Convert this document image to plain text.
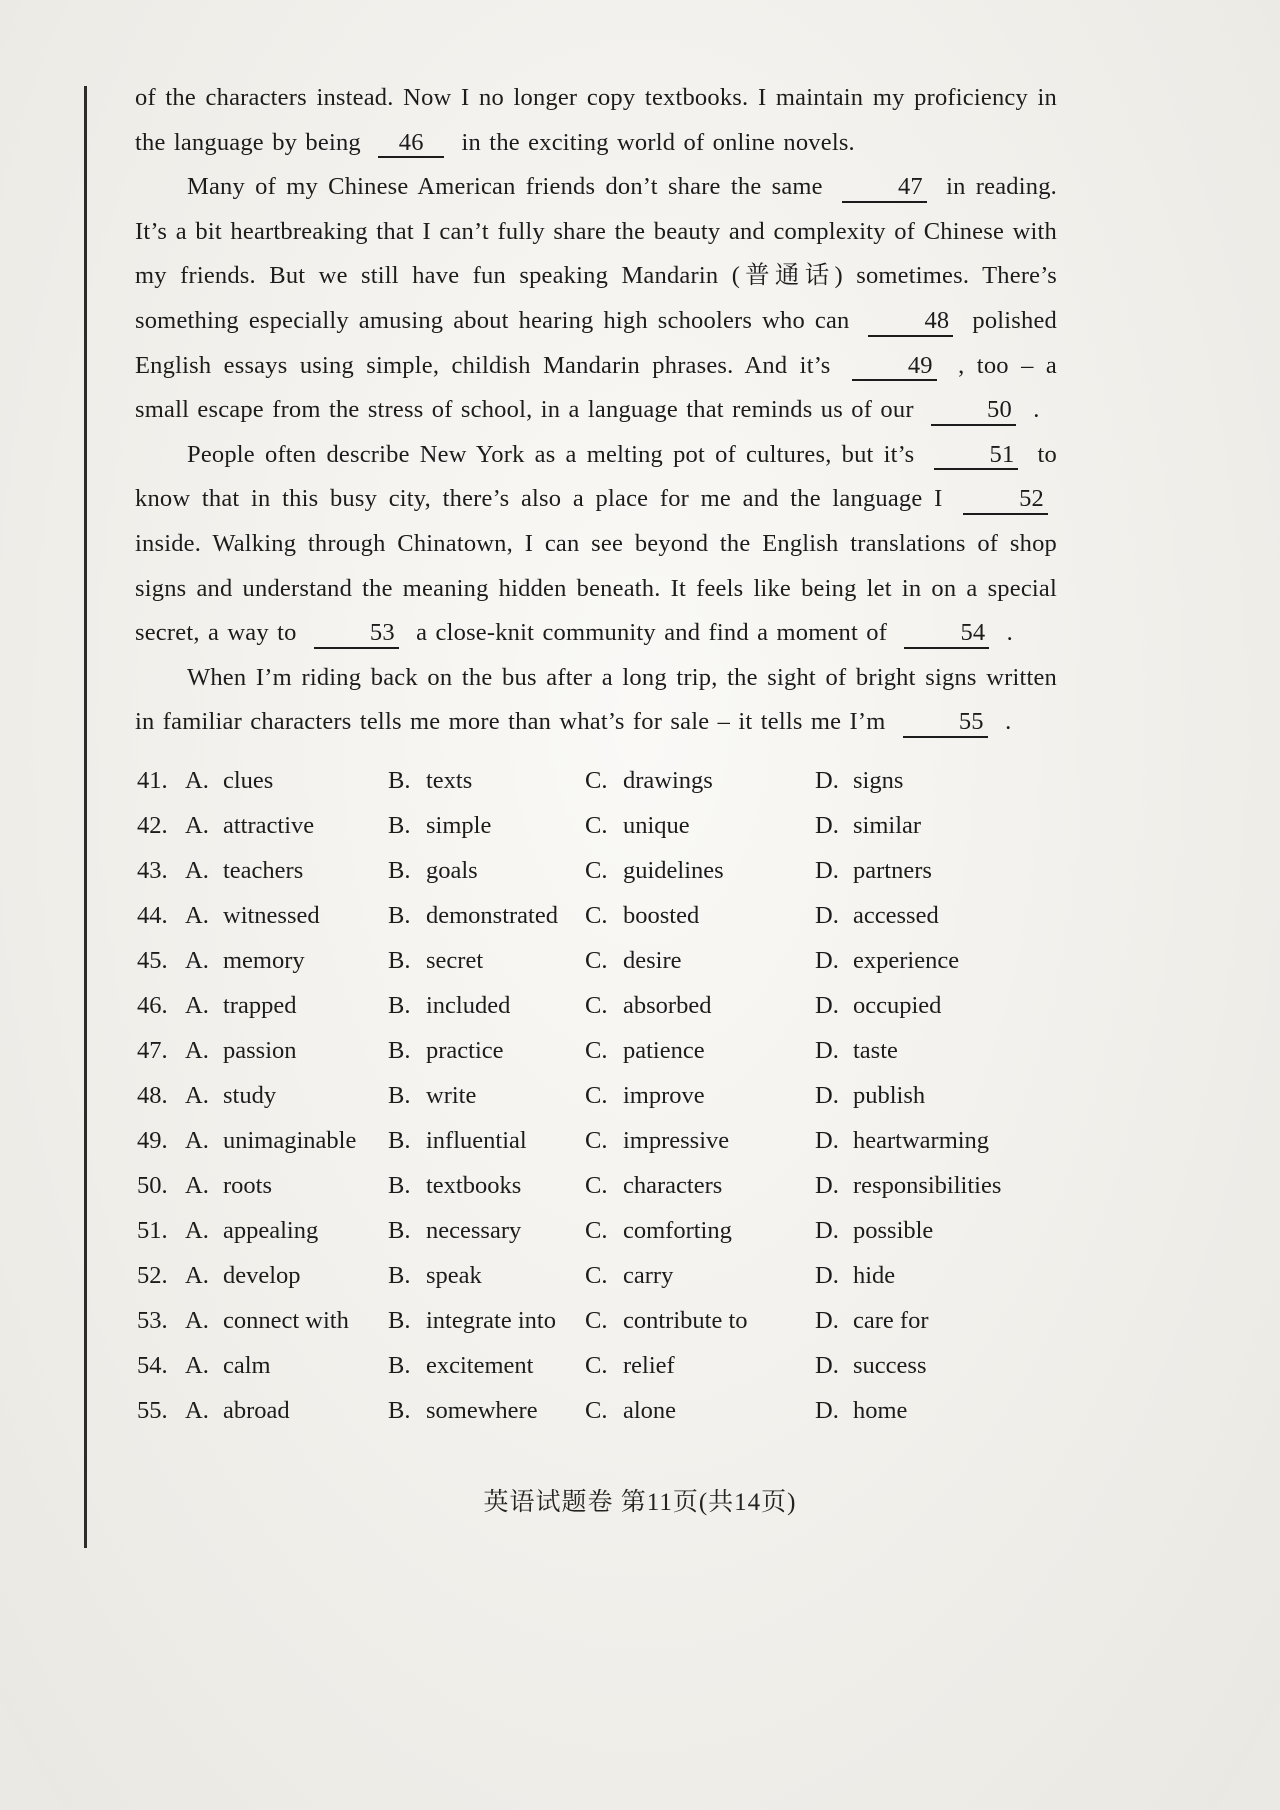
of the characters instead. Now I no longer copy textbooks. I maintain my proficiency in the language by being 46 in the exciting world of online novels.

Many of my Chinese American friends don’t share the same	47 in reading. It’s a bit heartbreaking that I can’t fully share the beauty and complexity of Chinese with my friends. But we still have fun speaking Mandarin (普通话) sometimes. There’s something especially amusing about hearing high schoolers who can	48 polished English essays using simple, childish Mandarin phrases. And it’s	49 , too – a small escape from the stress of school, in a language that reminds us of our	50 .

People often describe New York as a melting pot of cultures, but it’s	51 to know that in this busy city, there’s also a place for me and the language I	52 inside. Walking through Chinatown, I can see beyond the English translations of shop signs and understand the meaning hidden beneath. It feels like being let in on a special secret, a way to	53 a close-knit community and find a moment of	54 .

When I’m riding back on the bus after a long trip, the sight of bright signs written in familiar characters tells me more than what’s for sale – it tells me I’m	55 .

41. A. clues	B. texts	C. drawings	D. signs
42. A. attractive	B. simple	C. unique	D. similar
43. A. teachers	B. goals	C. guidelines	D. partners
44. A. witnessed	B. demonstrated	C. boosted	D. accessed
45. A. memory	B. secret	C. desire	D. experience
46. A. trapped	B. included	C. absorbed	D. occupied
47. A. passion	B. practice	C. patience	D. taste
48. A. study	B. write	C. improve	D. publish
49. A. unimaginable	B. influential	C. impressive	D. heartwarming
50. A. roots	B. textbooks	C. characters	D. responsibilities
51. A. appealing	B. necessary	C. comforting	D. possible
52. A. develop	B. speak	C. carry	D. hide
53. A. connect with	B. integrate into	C. contribute to	D. care for
54. A. calm	B. excitement	C. relief	D. success
55. A. abroad	B. somewhere	C. alone	D. home
英语试题卷 第11页(共14页)
